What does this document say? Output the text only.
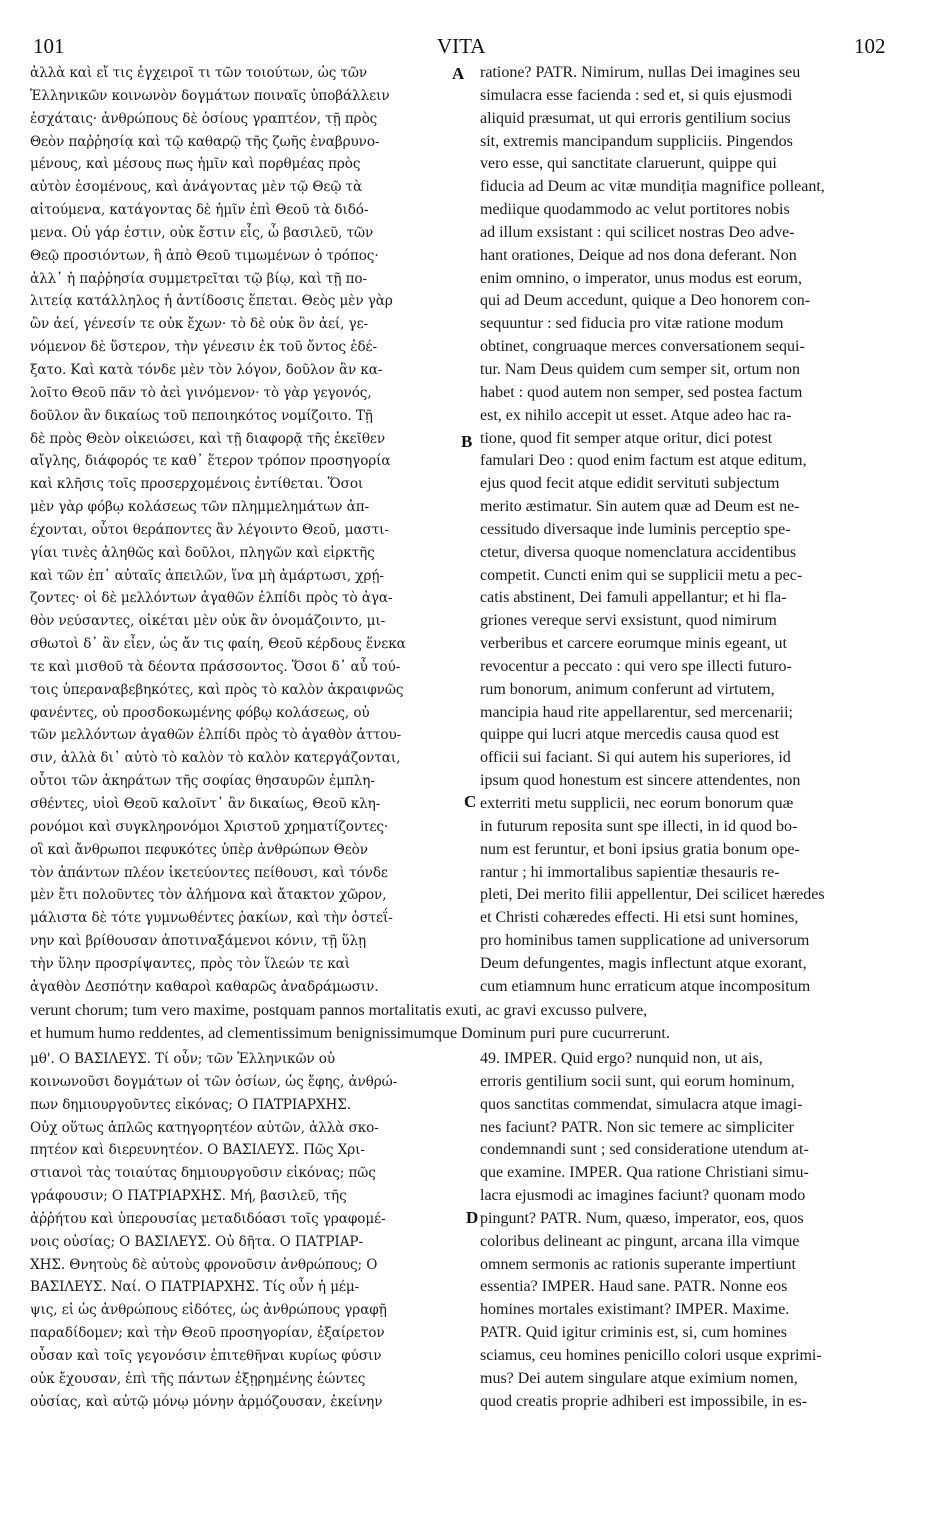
101	VITA	102
A
B
C
D
ἀλλὰ καὶ εἴ τις ἐγχειροῖ τι τῶν τοιούτων, ὡς τῶν
Ἑλληνικῶν κοινωνὸν δογμάτων ποιναῖς ὑποβάλλειν
ἐσχάταις· ἀνθρώπους δὲ ὁσίους γραπτέον, τῇ πρὸς
Θεὸν παῤῥησίᾳ καὶ τῷ καθαρῷ τῆς ζωῆς ἐναβρυνο-
μένους, καὶ μέσους πως ἡμῖν καὶ πορθμέας πρὸς
αὐτὸν ἐσομένους, καὶ ἀνάγοντας μὲν τῷ Θεῷ τὰ
αἰτούμενα, κατάγοντας δὲ ἡμῖν ἐπὶ Θεοῦ τὰ διδό-
μενα. Οὐ γάρ ἐστιν, οὐκ ἔστιν εἷς, ὦ βασιλεῦ, τῶν
Θεῷ προσιόντων, ἢ ἀπὸ Θεοῦ τιμωμένων ὁ τρόπος·
ἀλλ᾿ ἡ παῤῥησία συμμετρεῖται τῷ βίῳ, καὶ τῇ πο-
λιτείᾳ κατάλληλος ἡ ἀντίδοσις ἕπεται. Θεὸς μὲν γὰρ
ὢν ἀεί, γένεσίν τε οὐκ ἔχων· τὸ δὲ οὐκ ὂν ἀεί, γε-
νόμενον δὲ ὕστερον, τὴν γένεσιν ἐκ τοῦ ὄντος ἐδέ-
ξατο. Καὶ κατὰ τόνδε μὲν τὸν λόγον, δοῦλον ἂν κα-
λοῖτο Θεοῦ πᾶν τὸ ἀεὶ γινόμενον· τὸ γὰρ γεγονός,
δοῦλον ἂν δικαίως τοῦ πεποιηκότος νομίζοιτο. Τῇ
δὲ πρὸς Θεὸν οἰκειώσει, καὶ τῇ διαφορᾷ τῆς ἐκεῖθεν
αἴγλης, διάφορός τε καθ᾿ ἕτερον τρόπον προσηγορία
καὶ κλῆσις τοῖς προσερχομένοις ἐντίθεται. Ὅσοι
μὲν γὰρ φόβῳ κολάσεως τῶν πλημμελημάτων ἀπ-
έχονται, οὗτοι θεράποντες ἂν λέγοιντο Θεοῦ, μαστι-
γίαι τινὲς ἀληθῶς καὶ δοῦλοι, πληγῶν καὶ εἱρκτῆς
καὶ τῶν ἐπ᾿ αὐταῖς ἀπειλῶν, ἵνα μὴ ἁμάρτωσι, χρῄ-
ζοντες· οἱ δὲ μελλόντων ἀγαθῶν ἐλπίδι πρὸς τὸ ἀγα-
θὸν νεύσαντες, οἰκέται μὲν οὐκ ἂν ὀνομάζοιντο, μι-
σθωτοὶ δ᾿ ἂν εἶεν, ὡς ἄν τις φαίη, Θεοῦ κέρδους ἕνεκα
τε καὶ μισθοῦ τὰ δέοντα πράσσοντος. Ὅσοι δ᾿ αὖ τού-
τοις ὑπεραναβεβηκότες, καὶ πρὸς τὸ καλὸν ἀκραιφνῶς
φανέντες, οὐ προσδοκωμένης φόβῳ κολάσεως, οὐ
τῶν μελλόντων ἀγαθῶν ἐλπίδι πρὸς τὸ ἀγαθὸν ἀττου-
σιν, ἀλλὰ δι᾿ αὐτὸ τὸ καλὸν τὸ καλὸν κατεργάζονται,
οὗτοι τῶν ἀκηράτων τῆς σοφίας θησαυρῶν ἐμπλη-
σθέντες, υἱοὶ Θεοῦ καλοῖντ᾿ ἂν δικαίως, Θεοῦ κλη-
ρονόμοι καὶ συγκληρονόμοι Χριστοῦ χρηματίζοντες·
οἳ καὶ ἄνθρωποι πεφυκότες ὑπὲρ ἀνθρώπων Θεὸν
τὸν ἁπάντων πλέον ἱκετεύοντες πείθουσι, καὶ τόνδε
μὲν ἔτι πολοῦντες τὸν ἀλήμονα καὶ ἄτακτον χῶρον,
μάλιστα δὲ τότε γυμνωθέντες ῥακίων, καὶ τὴν ὀστεΐ-
νην καὶ βρίθουσαν ἀποτιναξάμενοι κόνιν, τῇ ὕλῃ
τὴν ὕλην προσρίψαντες, πρὸς τὸν ἵλεών τε καὶ
ἀγαθὸν Δεσπότην καθαροὶ καθαρῶς ἀναδράμωσιν.
ratione? PATR. Nimirum, nullas Dei imagines seu
simulacra esse facienda : sed et, si quis ejusmodi
aliquid præsumat, ut qui erroris gentilium socius
sit, extremis mancipandum suppliciis. Pingendos
vero esse, qui sanctitate claruerunt, quippe qui
fiducia ad Deum ac vitæ mundiția magnifice polleant,
mediique quodammodo ac velut portitores nobis
ad illum exsistant : qui scilicet nostras Deo adve-
hant orationes, Deique ad nos dona deferant. Non
enim omnino, o imperator, unus modus est eorum,
qui ad Deum accedunt, quique a Deo honorem con-
sequuntur : sed fiducia pro vitæ ratione modum
obtinet, congruaque merces conversationem sequi-
tur. Nam Deus quidem cum semper sit, ortum non
habet : quod autem non semper, sed postea factum
est, ex nihilo accepit ut esset. Atque adeo hac ra-
tione, quod fit semper atque oritur, dici potest
famulari Deo : quod enim factum est atque editum,
ejus quod fecit atque edidit servituti subjectum
merito æstimatur. Sin autem quæ ad Deum est ne-
cessitudo diversaque inde luminis perceptio spe-
ctetur, diversa quoque nomenclatura accidentibus
competit. Cuncti enim qui se supplicii metu a pec-
catis abstinent, Dei famuli appellantur; et hi fla-
griones vereque servi exsistunt, quod nimirum
verberibus et carcere eorumque minis egeant, ut
revocentur a peccato : qui vero spe illecti futuro-
rum bonorum, animum conferunt ad virtutem,
mancipia haud rite appellarentur, sed mercenarii;
quippe qui lucri atque mercedis causa quod est
officii sui faciant. Si qui autem his superiores, id
ipsum quod honestum est sincere attendentes, non
exterriti metu supplicii, nec eorum bonorum quæ
in futurum reposita sunt spe illecti, in id quod bo-
num est feruntur, et boni ipsius gratia bonum ope-
rantur ; hi immortalibus sapientiæ thesauris re-
pleti, Dei merito filii appellentur, Dei scilicet hæredes
et Christi cohæredes effecti. Hi etsi sunt homines,
pro hominibus tamen supplicatione ad universorum
Deum defungentes, magis inflectunt atque exorant,
cum etiamnum hunc erraticum atque incompositum
verunt chorum; tum vero maxime, postquam pannos mortalitatis exuti, ac gravi excusso pulvere,
et humum humo reddentes, ad clementissimum benignissimumque Dominum puri pure cucurrerunt.
μθ'. Ο ΒΑΣΙΛΕΥΣ. Τί οὖν; τῶν Ἑλληνικῶν οὐ
κοινωνοῦσι δογμάτων οἱ τῶν ὁσίων, ὡς ἔφης, ἀνθρώ-
πων δημιουργοῦντες εἰκόνας; Ο ΠΑΤΡΙΑΡΧΗΣ.
Οὐχ οὕτως ἁπλῶς κατηγορητέον αὐτῶν, ἀλλὰ σκο-
πητέον καὶ διερευνητέον. Ο ΒΑΣΙΛΕΥΣ. Πῶς Χρι-
στιανοὶ τὰς τοιαύτας δημιουργοῦσιν εἰκόνας; πῶς
γράφουσιν; Ο ΠΑΤΡΙΑΡΧΗΣ. Μή, βασιλεῦ, τῆς
ἀῤῥήτου καὶ ὑπερουσίας μεταδιδόασι τοῖς γραφομέ-
νοις οὐσίας; Ο ΒΑΣΙΛΕΥΣ. Οὐ δῆτα. Ο ΠΑΤΡΙΑΡ-
ΧΗΣ. Θνητοὺς δὲ αὐτοὺς φρονοῦσιν ἀνθρώπους; Ο
ΒΑΣΙΛΕΥΣ. Ναί. Ο ΠΑΤΡΙΑΡΧΗΣ. Τίς οὖν ἡ μέμ-
ψις, εἰ ὡς ἀνθρώπους εἰδότες, ὡς ἀνθρώπους γραφῇ
παραδίδομεν; καὶ τὴν Θεοῦ προσηγορίαν, ἐξαίρετον
οὖσαν καὶ τοῖς γεγονόσιν ἐπιτεθῆναι κυρίως φύσιν
οὐκ ἔχουσαν, ἐπὶ τῆς πάντων ἐξῃρημένης ἑώντες
οὐσίας, καὶ αὐτῷ μόνῳ μόνην ἁρμόζουσαν, ἐκείνην
49. IMPER. Quid ergo? nunquid non, ut ais,
erroris gentilium socii sunt, qui eorum hominum,
quos sanctitas commendat, simulacra atque imagi-
nes faciunt? PATR. Non sic temere ac simpliciter
condemnandi sunt ; sed consideratione utendum at-
que examine. IMPER. Qua ratione Christiani simu-
lacra ejusmodi ac imagines faciunt? quonam modo
pingunt? PATR. Num, quæso, imperator, eos, quos
coloribus delineant ac pingunt, arcana illa vimque
omnem sermonis ac rationis superante impertiunt
essentia? IMPER. Haud sane. PATR. Nonne eos
homines mortales existimant? IMPER. Maxime.
PATR. Quid igitur criminis est, si, cum homines
sciamus, ceu homines penicillo colori usque exprimi-
mus? Dei autem singulare atque eximium nomen,
quod creatis proprie adhiberi est impossibile, in es-
